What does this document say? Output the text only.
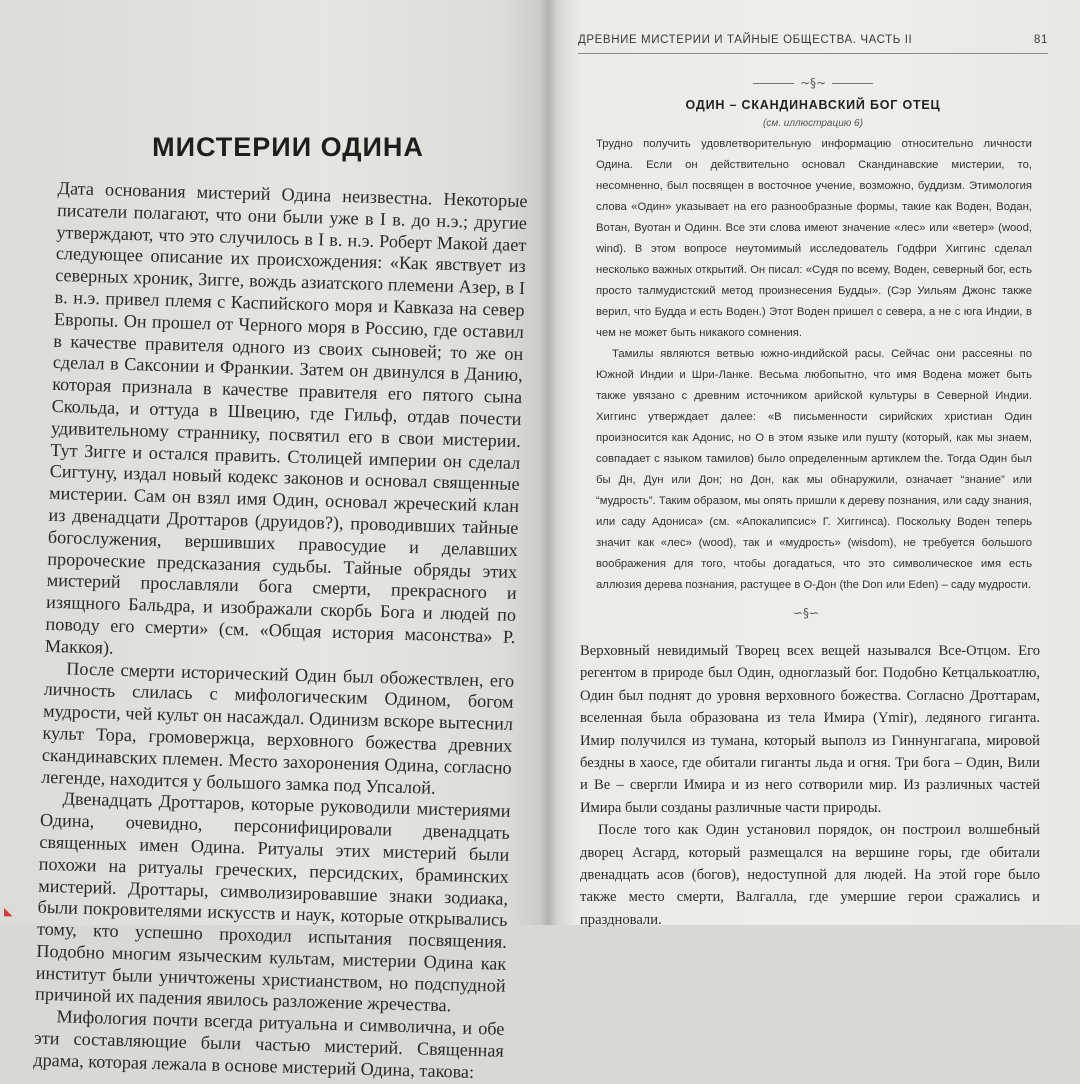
МИСТЕРИИ ОДИНА

Дата основания мистерий Одина неизвестна. Некоторые писатели полагают, что они были уже в I в. до н.э.; другие утверждают, что это случилось в I в. н.э. Роберт Макой дает следующее описание их происхождения: «Как явствует из северных хроник, Зигге, вождь азиатского племени Азер, в I в. н.э. привел племя с Каспийского моря и Кавказа на север Европы. Он прошел от Черного моря в Россию, где оставил в качестве правителя одного из своих сыновей; то же он сделал в Саксонии и Франкии. Затем он двинулся в Данию, которая признала в качестве правителя его пятого сына Скольда, и оттуда в Швецию, где Гильф, отдав почести удивительному страннику, посвятил его в свои мистерии. Тут Зигге и остался править. Столицей империи он сделал Сигтуну, издал новый кодекс законов и основал священные мистерии. Сам он взял имя Один, основал жреческий клан из двенадцати Дроттаров (друидов?), проводивших тайные богослужения, вершивших правосудие и делавших пророческие предсказания судьбы. Тайные обряды этих мистерий прославляли бога смерти, прекрасного и изящного Бальдра, и изображали скорбь Бога и людей по поводу его смерти» (см. «Общая история масонства» Р. Маккоя).

После смерти исторический Один был обожествлен, его личность слилась с мифологическим Одином, богом мудрости, чей культ он насаждал. Одинизм вскоре вытеснил культ Тора, громовержца, верховного божества древних скандинавских племен. Место захоронения Одина, согласно легенде, находится у большого замка под Упсалой.

Двенадцать Дроттаров, которые руководили мистериями Одина, очевидно, персонифицировали двенадцать священных имен Одина. Ритуалы этих мистерий были похожи на ритуалы греческих, персидских, браминских мистерий. Дроттары, символизировавшие знаки зодиака, были покровителями искусств и наук, которые открывались тому, кто успешно проходил испытания посвящения. Подобно многим языческим культам, мистерии Одина как институт были уничтожены христианством, но подспудной причиной их падения явилось разложение жречества.

Мифология почти всегда ритуальна и символична, и обе эти составляющие были частью мистерий. Священная драма, которая лежала в основе мистерий Одина, такова:

ДРЕВНИЕ МИСТЕРИИ И ТАЙНЫЕ ОБЩЕСТВА. ЧАСТЬ II	81
~§~
ОДИН – СКАНДИНАВСКИЙ БОГ ОТЕЦ
(см. иллюстрацию 6)

Трудно получить удовлетворительную информацию относительно личности Одина. Если он действительно основал Скандинавские мистерии, то, несомненно, был посвящен в восточное учение, возможно, буддизм. Этимология слова «Один» указывает на его разнообразные формы, такие как Воден, Водан, Вотан, Вуотан и Одинн. Все эти слова имеют значение «лес» или «ветер» (wood, wind). В этом вопросе неутомимый исследователь Годфри Хиггинс сделал несколько важных открытий. Он писал: «Судя по всему, Воден, северный бог, есть просто талмудистский метод произнесения Будды». (Сэр Уильям Джонс также верил, что Будда и есть Воден.) Этот Воден пришел с севера, а не с юга Индии, в чем не может быть никакого сомнения.

Тамилы являются ветвью южно-индийской расы. Сейчас они рассеяны по Южной Индии и Шри-Ланке. Весьма любопытно, что имя Водена может быть также увязано с древним источником арийской культуры в Северной Индии. Хиггинс утверждает далее: «В письменности сирийских христиан Один произносится как Адонис, но О в этом языке или пушту (который, как мы знаем, совпадает с языком тамилов) было определенным артиклем the. Тогда Один был бы Дн, Дун или Дон; но Дон, как мы обнаружили, означает “знание” или “мудрость”. Таким образом, мы опять пришли к дереву познания, или саду знания, или саду Адониса» (см. «Апокалипсис» Г. Хиггинса). Поскольку Воден теперь значит как «лес» (wood), так и «мудрость» (wisdom), не требуется большого воображения для того, чтобы догадаться, что это символическое имя есть аллюзия дерева познания, растущее в О-Дон (the Don или Eden) – саду мудрости.

∽§∽

Верховный невидимый Творец всех вещей назывался Все-Отцом. Его регентом в природе был Один, одноглазый бог. Подобно Кетцалькоатлю, Один был поднят до уровня верховного божества. Согласно Дроттарам, вселенная была образована из тела Имира (Ymir), ледяного гиганта. Имир получился из тумана, который выполз из Гиннунгагапа, мировой бездны в хаосе, где обитали гиганты льда и огня. Три бога – Один, Вили и Ве – свергли Имира и из него сотворили мир. Из различных частей Имира были созданы различные части природы.

После того как Один установил порядок, он построил волшебный дворец Асгард, который размещался на вершине горы, где обитали двенадцать асов (богов), недоступной для людей. На этой горе было также место смерти, Валгалла, где умершие герои сражались и праздновали.

◣
